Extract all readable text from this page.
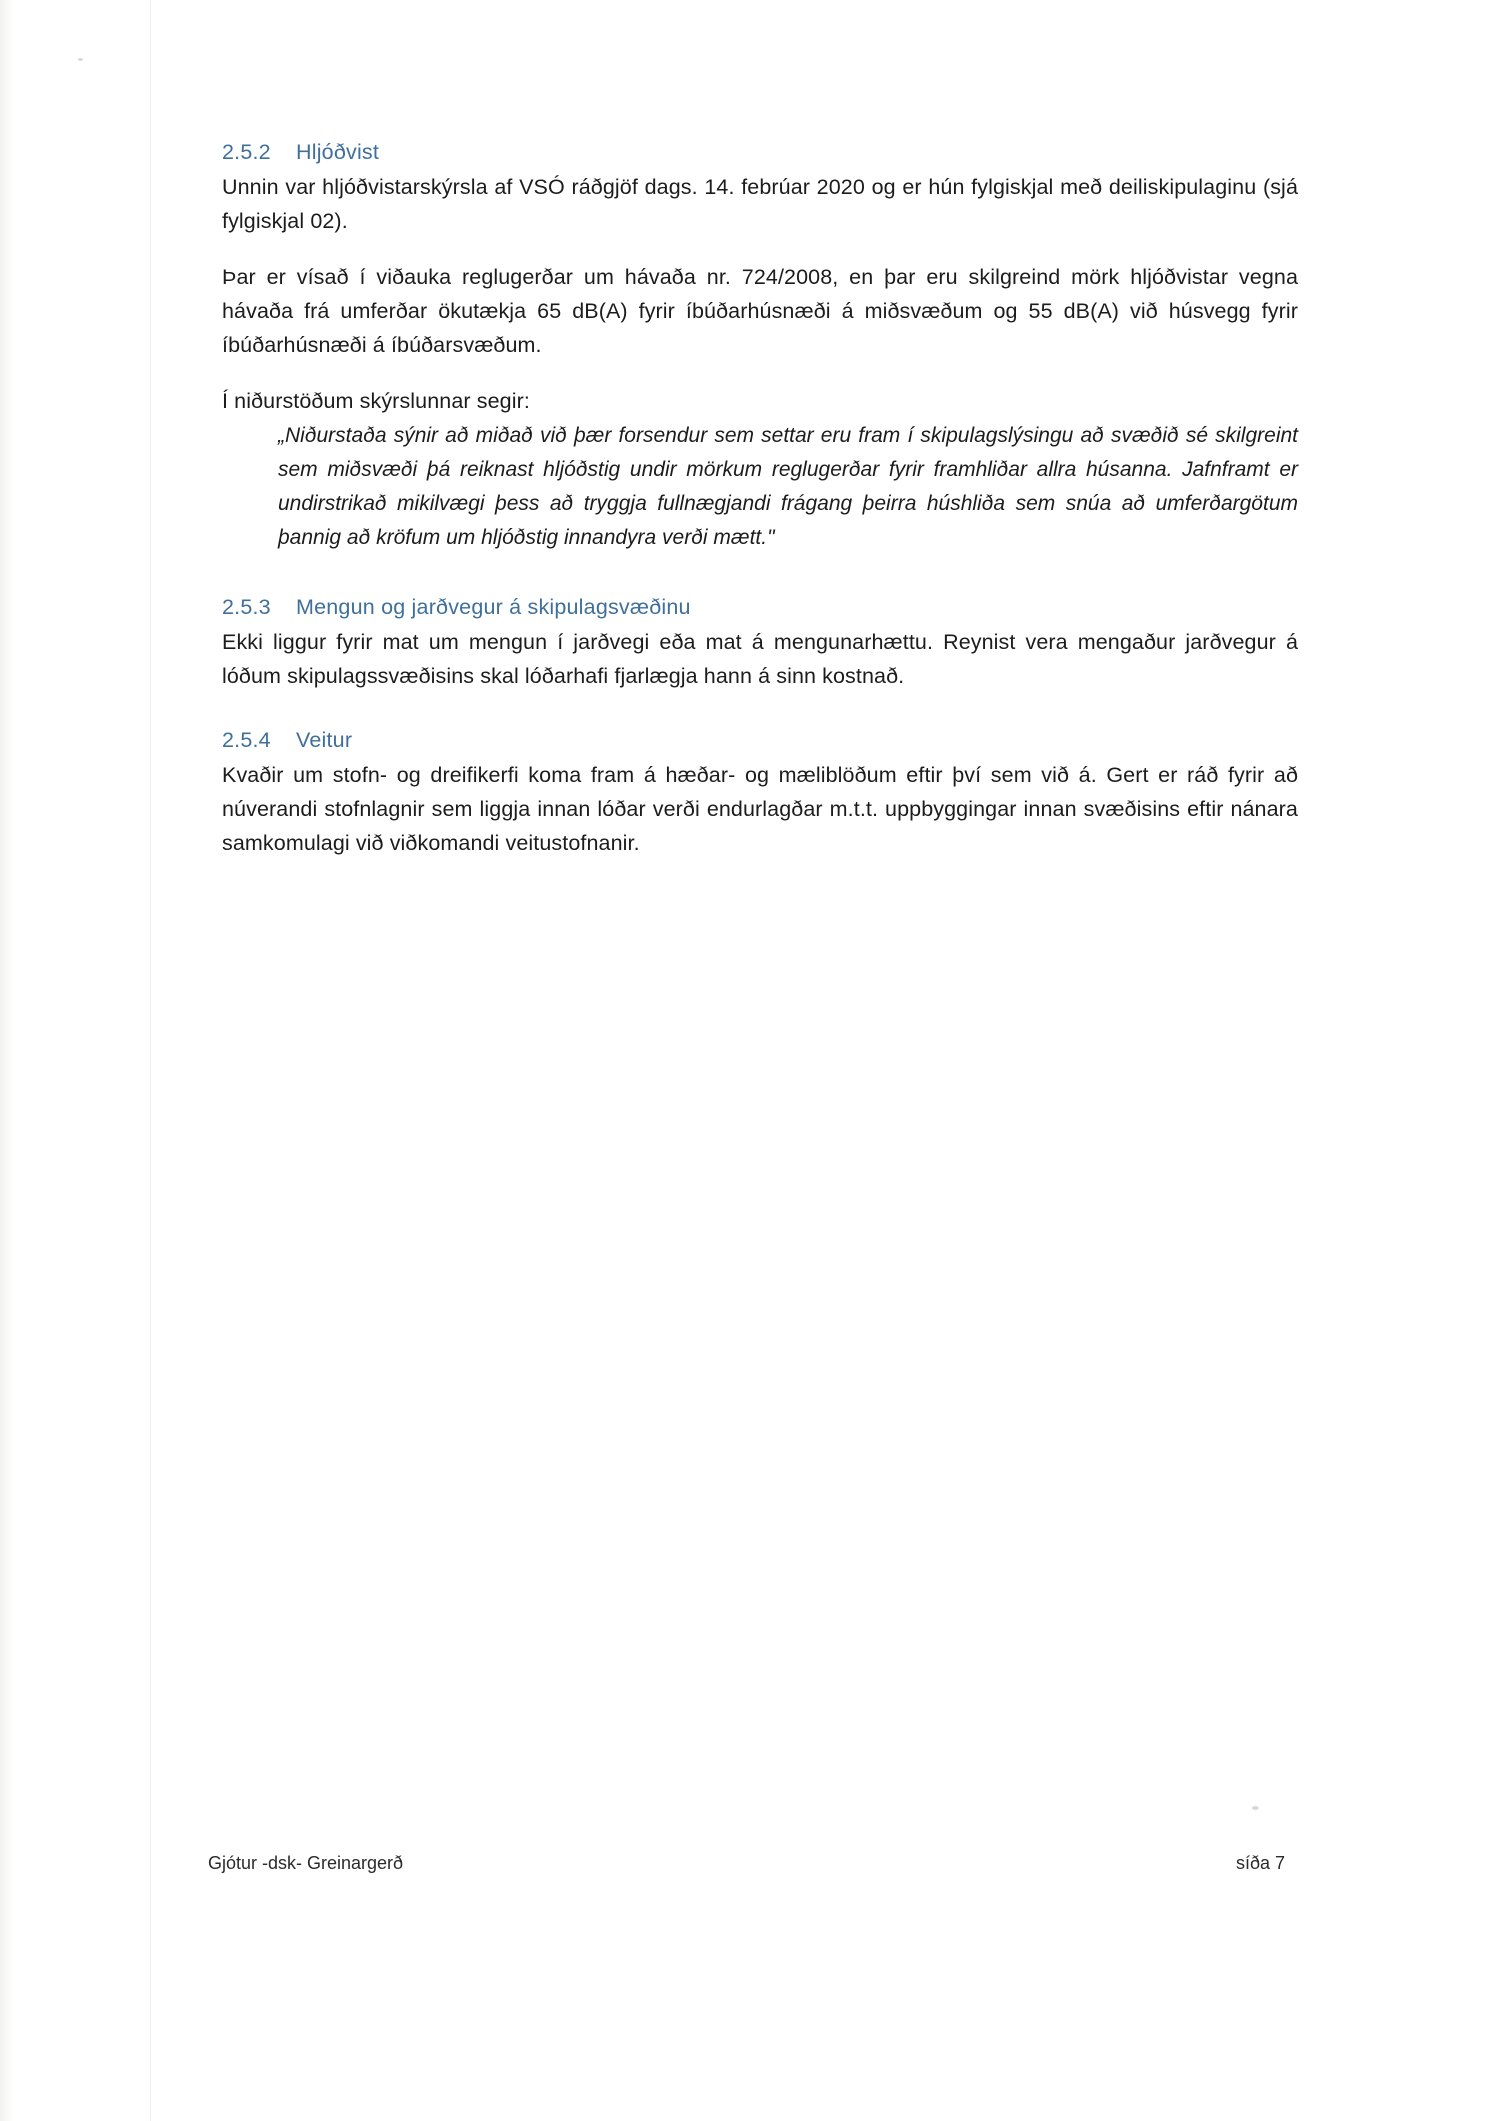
2.5.2 Hljóðvist

Unnin var hljóðvistarskýrsla af VSÓ ráðgjöf dags. 14. febrúar 2020 og er hún fylgiskjal með deiliskipulaginu (sjá fylgiskjal 02).

Þar er vísað í viðauka reglugerðar um hávaða nr. 724/2008, en þar eru skilgreind mörk hljóðvistar vegna hávaða frá umferðar ökutækja 65 dB(A) fyrir íbúðarhúsnæði á miðsvæðum og 55 dB(A) við húsvegg fyrir íbúðarhúsnæði á íbúðarsvæðum.

Í niðurstöðum skýrslunnar segir:

„Niðurstaða sýnir að miðað við þær forsendur sem settar eru fram í skipulagslýsingu að svæðið sé skilgreint sem miðsvæði þá reiknast hljóðstig undir mörkum reglugerðar fyrir framhliðar allra húsanna. Jafnframt er undirstrikað mikilvægi þess að tryggja fullnægjandi frágang þeirra húshliða sem snúa að umferðargötum þannig að kröfum um hljóðstig innandyra verði mætt."

2.5.3 Mengun og jarðvegur á skipulagsvæðinu

Ekki liggur fyrir mat um mengun í jarðvegi eða mat á mengunarhættu. Reynist vera mengaður jarðvegur á lóðum skipulagssvæðisins skal lóðarhafi fjarlægja hann á sinn kostnað.

2.5.4 Veitur

Kvaðir um stofn- og dreifikerfi koma fram á hæðar- og mæliblöðum eftir því sem við á. Gert er ráð fyrir að núverandi stofnlagnir sem liggja innan lóðar verði endurlagðar m.t.t. uppbyggingar innan svæðisins eftir nánara samkomulagi við viðkomandi veitustofnanir.

Gjótur -dsk- Greinargerð	síða 7
